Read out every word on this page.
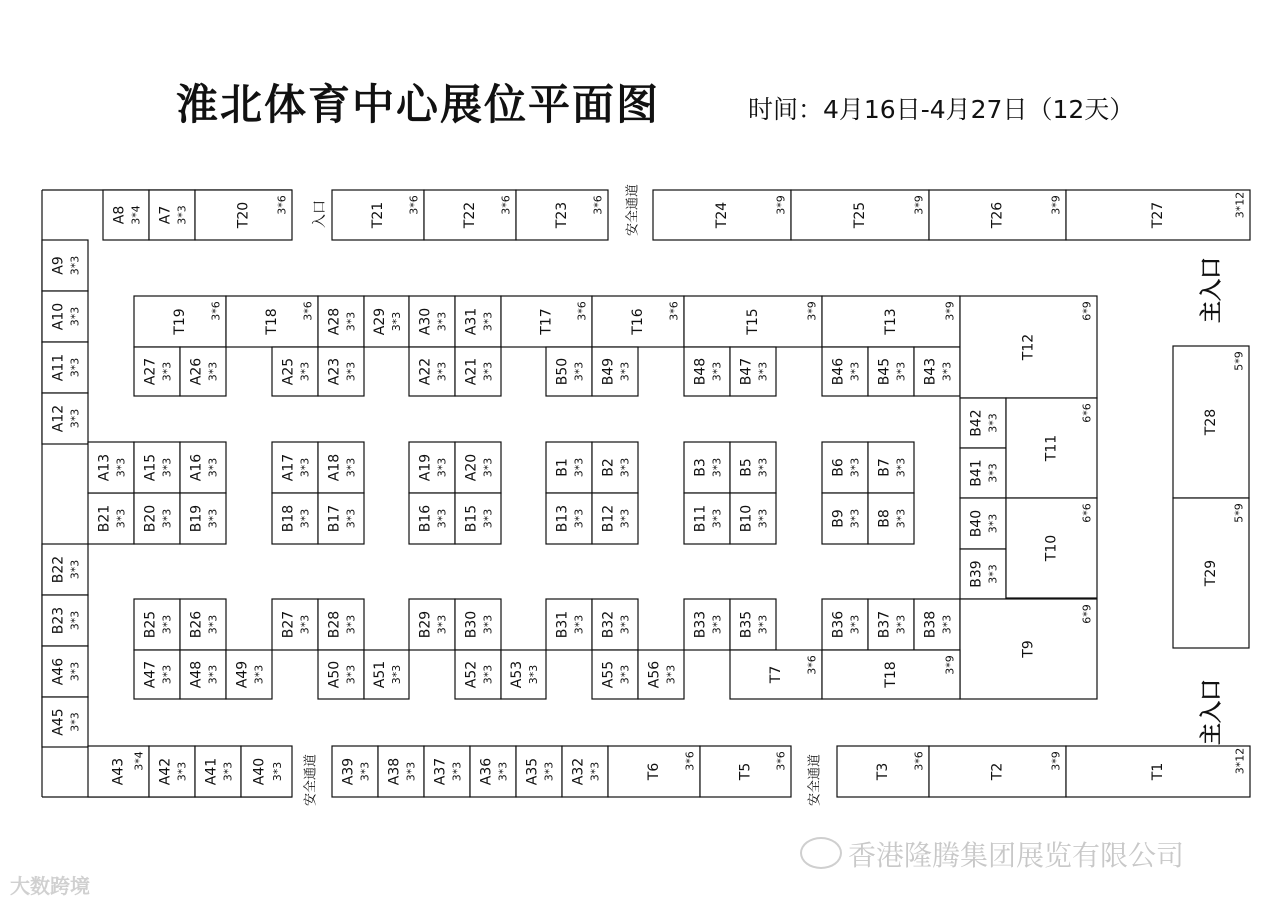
淮北体育中心展位平面图	时间：4月16日-4月27日（12天）
A8 3*4 A7 3*3	T20 3*6	T21 3*6	T22 3*6	T23 3*6	T24	3*9	T25	3*9	T26	3*9	T27	3*12
A9 3*3
A10 3*3
A11 3*3
A12 3*3
B21 3*3
B22 3*3
B23 3*3
A46 3*3
A45 3*3
A43 3*4 A42 3*3 A41 3*3 A40 3*3	A39 3*3 A38 3*3 A37 3*3 A36 3*3 A35 3*3 A32 3*3	T6
3*6
T5
3*6
T3
3*6
T2
3*9
T1	3*12
T19 3*6	T18 3*6 A28 3*3 A29 3*3 A30 3*3 A31 3*3	T17 3*6	T16 3*6	T15	3*9	T13	3*9
A27 3*3 A26 3*3	A25 3*3 A23 3*3	A22 3*3 A21 3*3	B50 3*3 B49 3*3	B48 3*3 B47 3*3	B46 3*3 B45 3*3 B43 3*3
T12
6*9
A13 3*3 A15 3*3 A16 3*3	A17 3*3 A18 3*3	A19 3*3 A20 3*3	B1 3*3 B2 3*3	B3 3*3 B5 3*3	B6 3*3 B7 3*3
B20 3*3 B19 3*3	B18 3*3 B17 3*3	B16 3*3 B15 3*3	B13 3*3 B12 3*3	B11 3*3 B10 3*3	B9 3*3 B8 3*3
B42 3*3
B41 3*3
B40 3*3
B39 3*3
T11
6*6
T10
6*6
T28
5*9
T29
5*9
B25 3*3 B26 3*3	B27 3*3 B28 3*3	B29 3*3 B30 3*3	B31 3*3 B32 3*3	B33 3*3 B35 3*3	B36 3*3 B37 3*3 B38 3*3
T9
6*9
A47 3*3 A48 3*3 A49 3*3	A50 3*3 A51 3*3	A52 3*3 A53 3*3	A55 3*3 A56 3*3	T7 3*6	T18	3*9
入口	安全通道
安全通道	安全通道
主入口
主入口
香港隆腾集团展览有限公司
大数跨境
